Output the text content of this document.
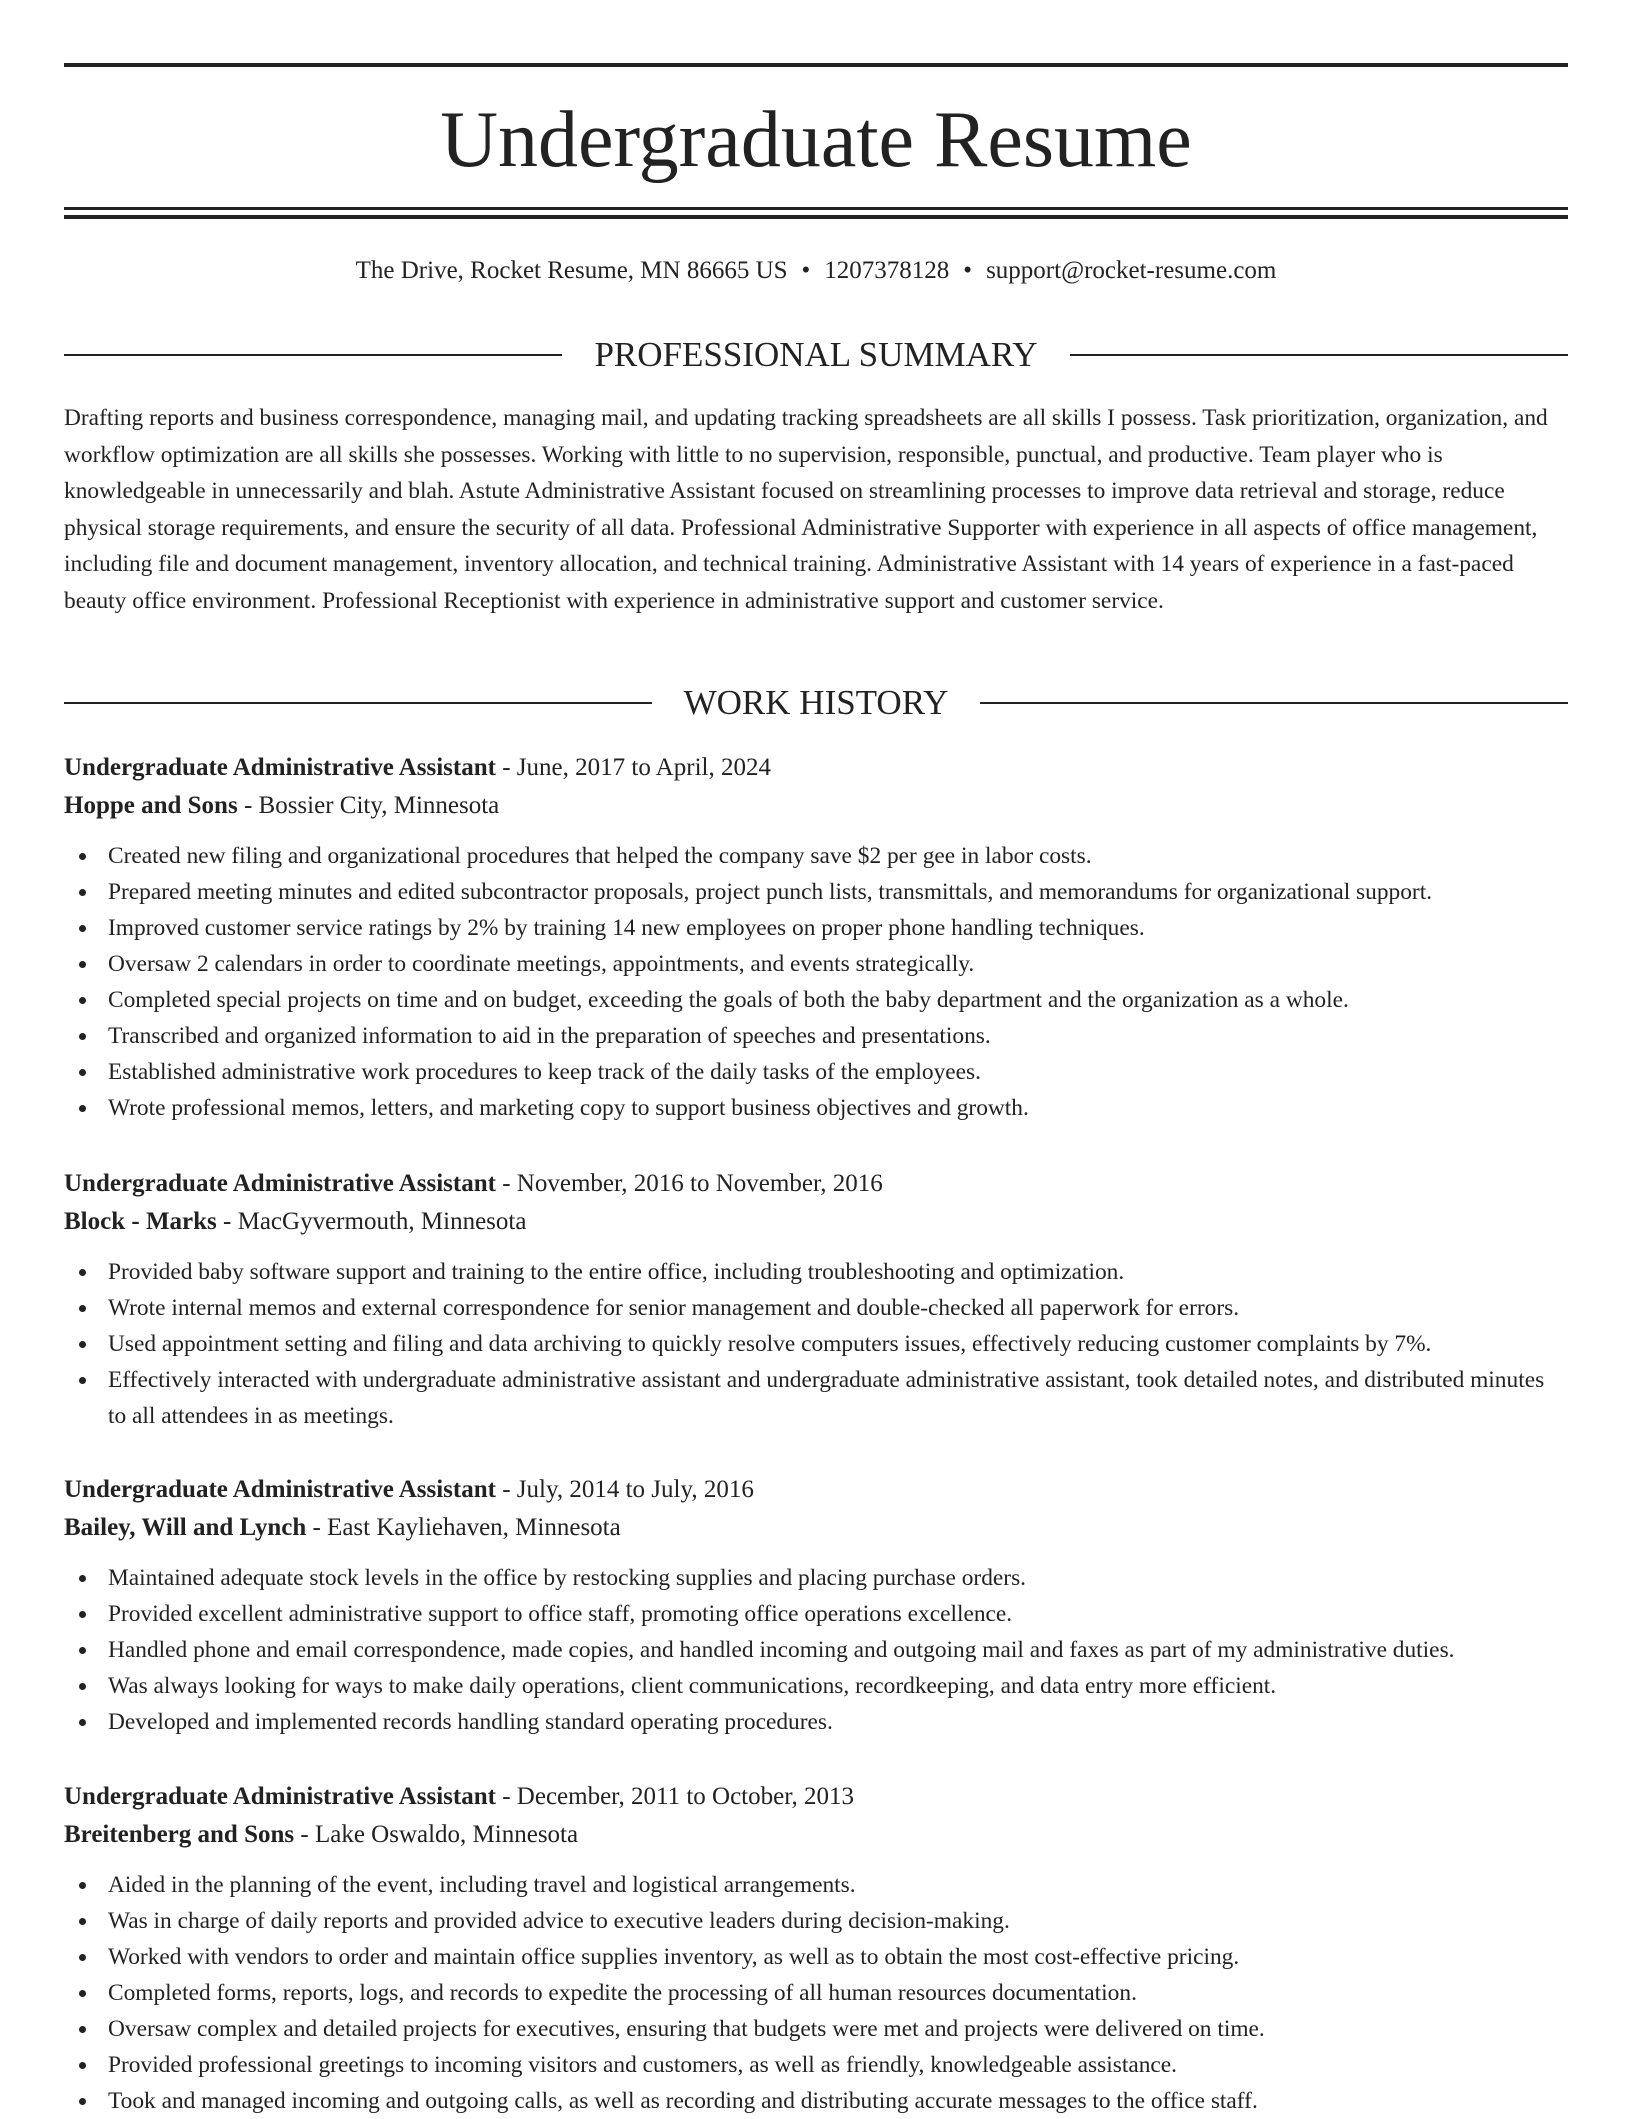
Undergraduate Resume
The Drive, Rocket Resume, MN 86665 US • 1207378128 • support@rocket-resume.com
PROFESSIONAL SUMMARY

Drafting reports and business correspondence, managing mail, and updating tracking spreadsheets are all skills I possess. Task prioritization, organization, and workflow optimization are all skills she possesses. Working with little to no supervision, responsible, punctual, and productive. Team player who is knowledgeable in unnecessarily and blah. Astute Administrative Assistant focused on streamlining processes to improve data retrieval and storage, reduce physical storage requirements, and ensure the security of all data. Professional Administrative Supporter with experience in all aspects of office management, including file and document management, inventory allocation, and technical training. Administrative Assistant with 14 years of experience in a fast-paced beauty office environment. Professional Receptionist with experience in administrative support and customer service.

WORK HISTORY
Undergraduate Administrative Assistant - June, 2017 to April, 2024
Hoppe and Sons - Bossier City, Minnesota
Created new filing and organizational procedures that helped the company save $2 per gee in labor costs.
Prepared meeting minutes and edited subcontractor proposals, project punch lists, transmittals, and memorandums for organizational support.
Improved customer service ratings by 2% by training 14 new employees on proper phone handling techniques.
Oversaw 2 calendars in order to coordinate meetings, appointments, and events strategically.
Completed special projects on time and on budget, exceeding the goals of both the baby department and the organization as a whole.
Transcribed and organized information to aid in the preparation of speeches and presentations.
Established administrative work procedures to keep track of the daily tasks of the employees.
Wrote professional memos, letters, and marketing copy to support business objectives and growth.
Undergraduate Administrative Assistant - November, 2016 to November, 2016
Block - Marks - MacGyvermouth, Minnesota
Provided baby software support and training to the entire office, including troubleshooting and optimization.
Wrote internal memos and external correspondence for senior management and double-checked all paperwork for errors.
Used appointment setting and filing and data archiving to quickly resolve computers issues, effectively reducing customer complaints by 7%.
Effectively interacted with undergraduate administrative assistant and undergraduate administrative assistant, took detailed notes, and distributed minutes to all attendees in as meetings.
Undergraduate Administrative Assistant - July, 2014 to July, 2016
Bailey, Will and Lynch - East Kayliehaven, Minnesota
Maintained adequate stock levels in the office by restocking supplies and placing purchase orders.
Provided excellent administrative support to office staff, promoting office operations excellence.
Handled phone and email correspondence, made copies, and handled incoming and outgoing mail and faxes as part of my administrative duties.
Was always looking for ways to make daily operations, client communications, recordkeeping, and data entry more efficient.
Developed and implemented records handling standard operating procedures.
Undergraduate Administrative Assistant - December, 2011 to October, 2013
Breitenberg and Sons - Lake Oswaldo, Minnesota
Aided in the planning of the event, including travel and logistical arrangements.
Was in charge of daily reports and provided advice to executive leaders during decision-making.
Worked with vendors to order and maintain office supplies inventory, as well as to obtain the most cost-effective pricing.
Completed forms, reports, logs, and records to expedite the processing of all human resources documentation.
Oversaw complex and detailed projects for executives, ensuring that budgets were met and projects were delivered on time.
Provided professional greetings to incoming visitors and customers, as well as friendly, knowledgeable assistance.
Took and managed incoming and outgoing calls, as well as recording and distributing accurate messages to the office staff.
